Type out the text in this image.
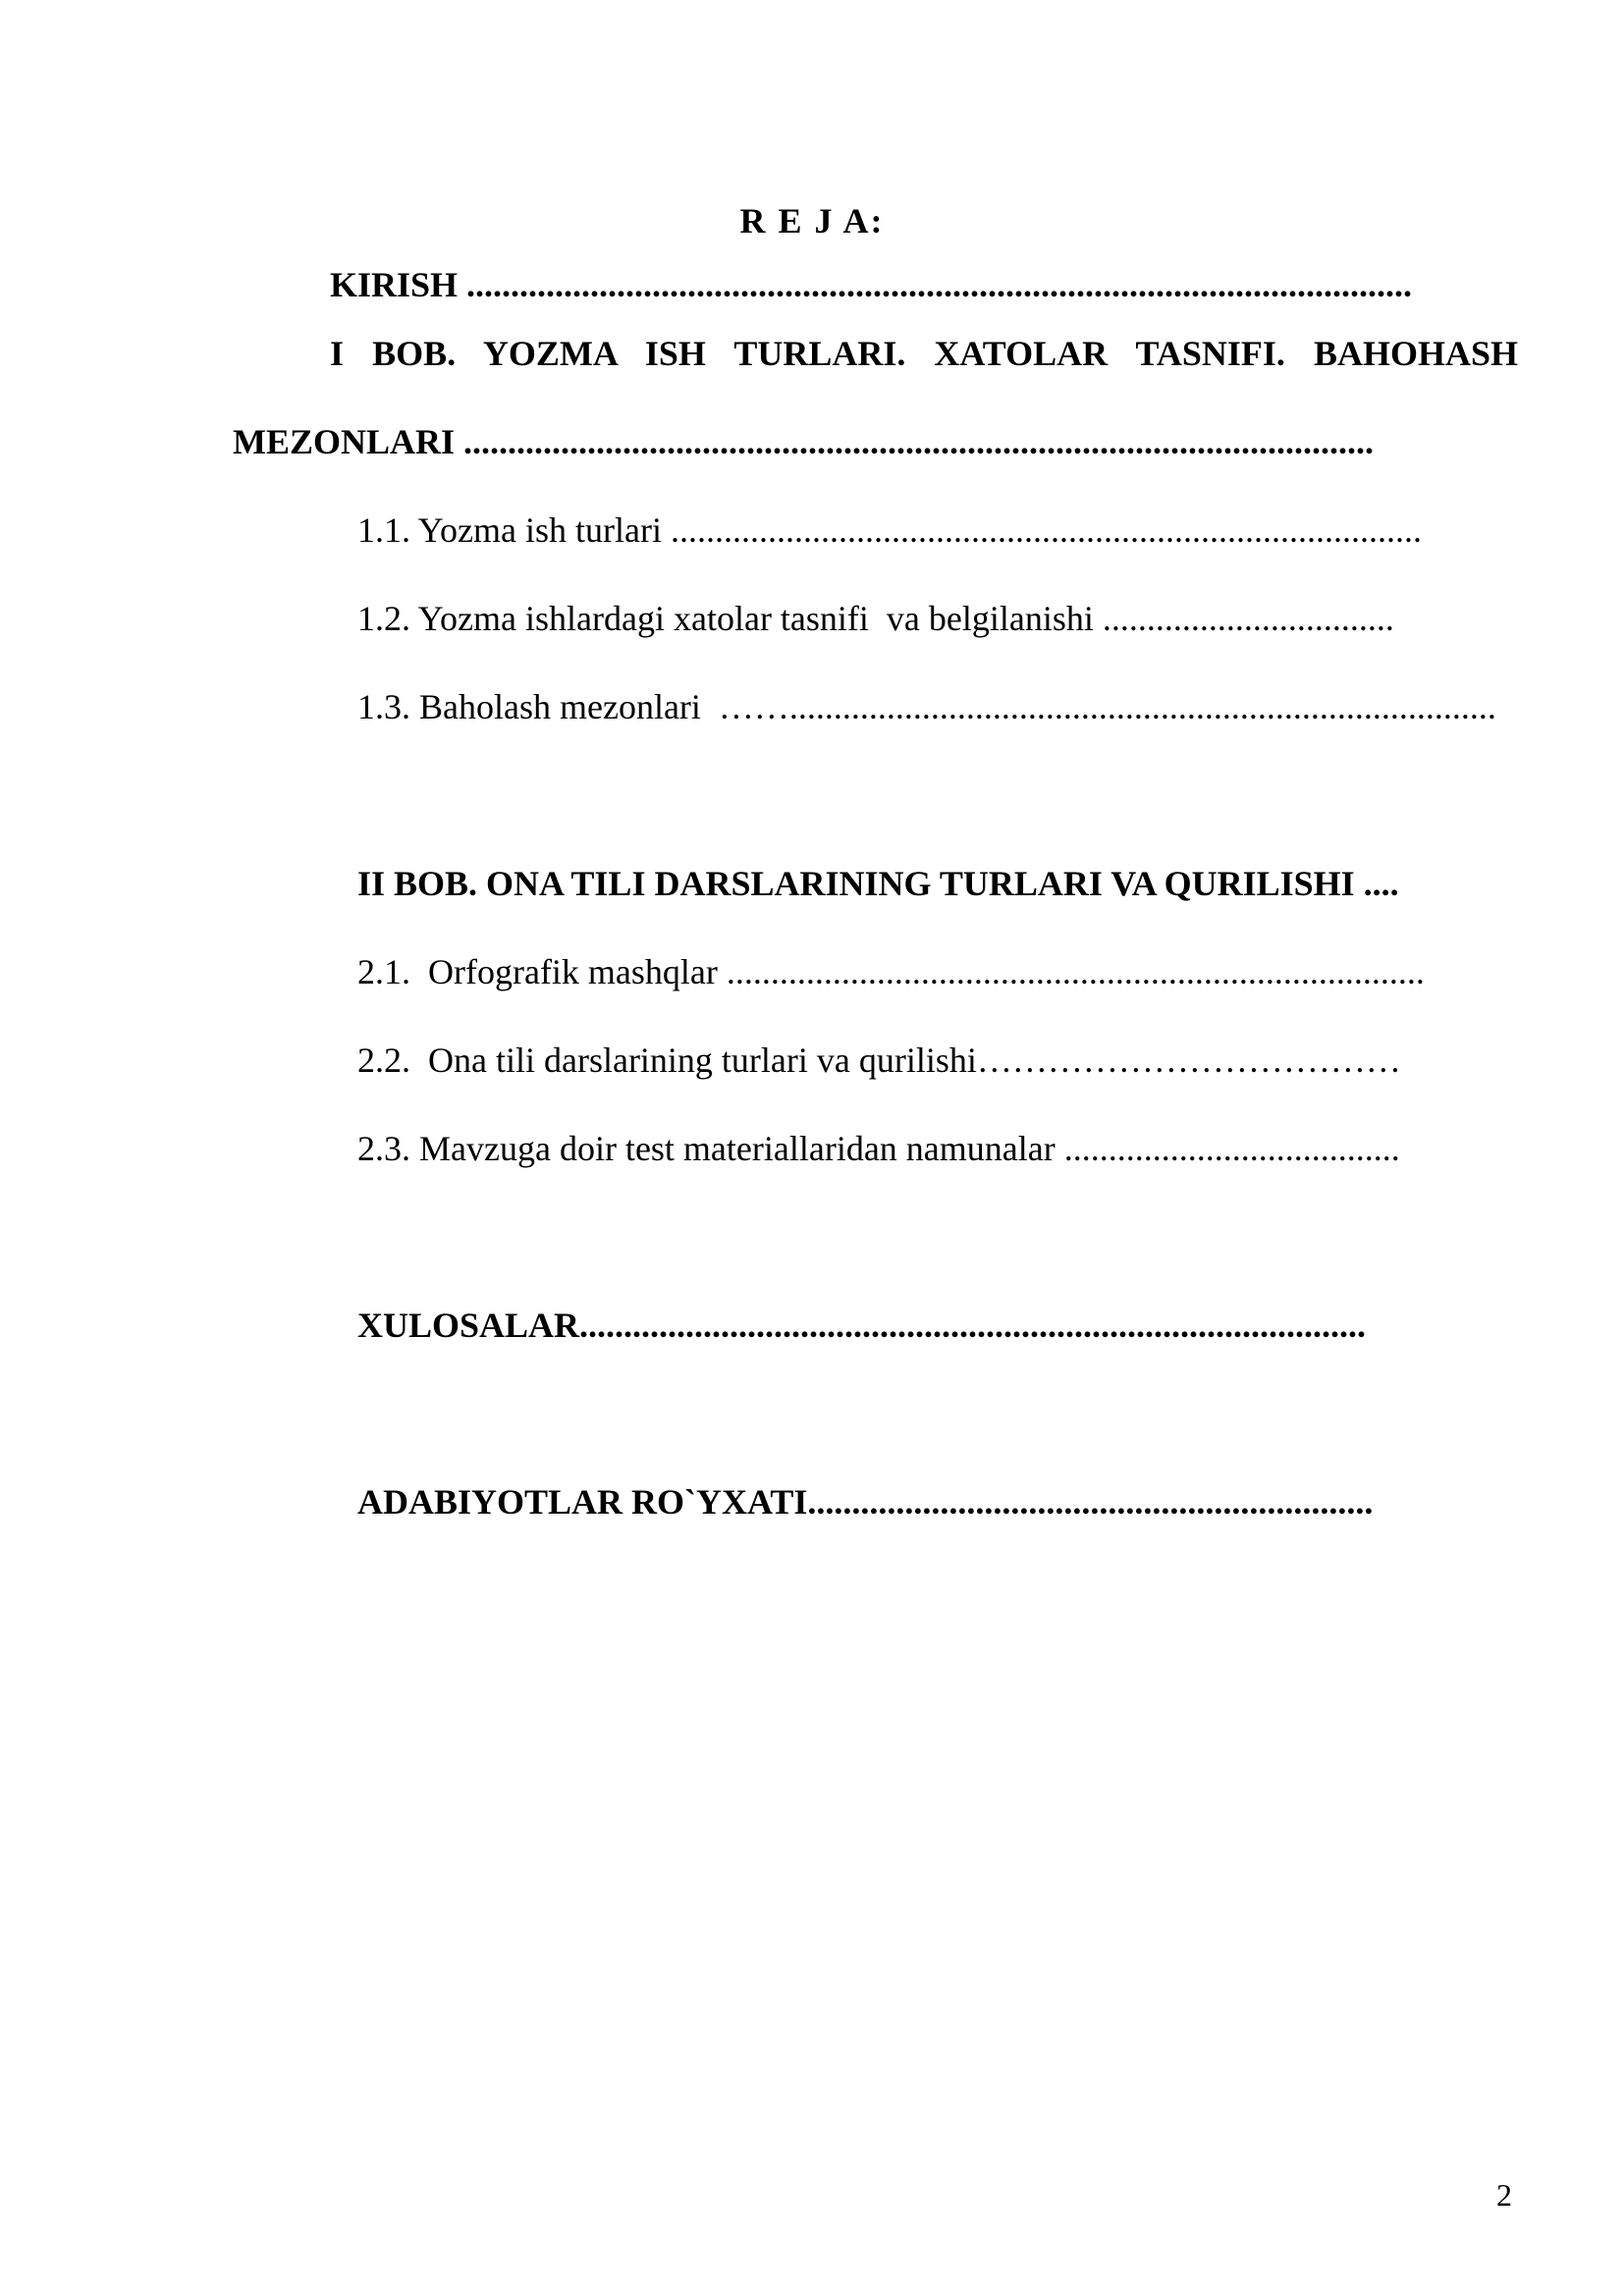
R E J A:
KIRISH ...........................................................................................................
I BOB. YOZMA ISH TURLARI. XATOLAR TASNIFI. BAHOHASH
MEZONLARI .......................................................................................................
1.1. Yozma ish turlari .....................................................................................
1.2. Yozma ishlardagi xatolar tasnifi  va belgilanishi .................................
1.3. Baholash mezonlari  ……................................................................................
II BOB. ONA TILI DARSLARINING TURLARI VA QURILISHI ....
2.1.  Orfografik mashqlar ...............................................................................
2.2.  Ona tili darslarining turlari va qurilishi………………………………
2.3. Mavzuga doir test materiallaridan namunalar ......................................
XULOSALAR.........................................................................................
ADABIYOTLAR RO`YXATI................................................................
2
